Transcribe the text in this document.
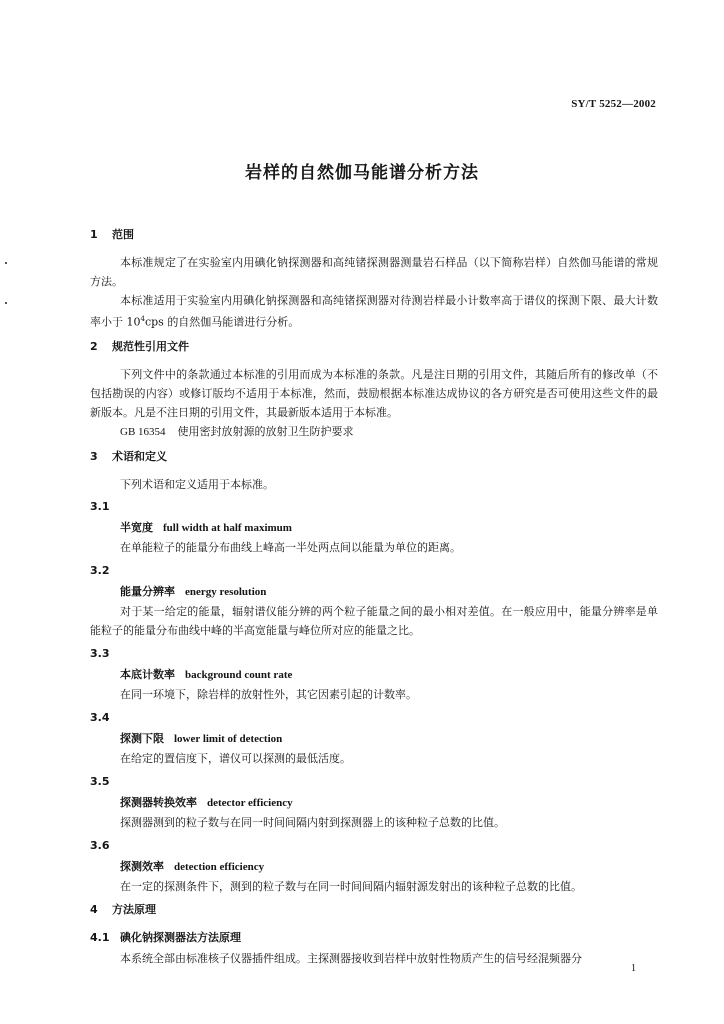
SY/T 5252—2002
岩样的自然伽马能谱分析方法

1 范围

本标准规定了在实验室内用碘化钠探测器和高纯锗探测器测量岩石样品（以下简称岩样）自然伽马能谱的常规方法。

本标准适用于实验室内用碘化钠探测器和高纯锗探测器对待测岩样最小计数率高于谱仪的探测下限、最大计数率小于 $10^4cps$ 的自然伽马能谱进行分析。

2 规范性引用文件

下列文件中的条款通过本标准的引用而成为本标准的条款。凡是注日期的引用文件，其随后所有的修改单（不包括勘误的内容）或修订版均不适用于本标准，然而，鼓励根据本标准达成协议的各方研究是否可使用这些文件的最新版本。凡是不注日期的引用文件，其最新版本适用于本标准。

GB 16354 使用密封放射源的放射卫生防护要求

3 术语和定义

下列术语和定义适用于本标准。

3.1

半宽度 full width at half maximum

在单能粒子的能量分布曲线上峰高一半处两点间以能量为单位的距离。

3.2

能量分辨率 energy resolution

对于某一给定的能量，辐射谱仪能分辨的两个粒子能量之间的最小相对差值。在一般应用中，能量分辨率是单能粒子的能量分布曲线中峰的半高宽能量与峰位所对应的能量之比。

3.3

本底计数率 background count rate

在同一环境下，除岩样的放射性外，其它因素引起的计数率。

3.4

探测下限 lower limit of detection

在给定的置信度下，谱仪可以探测的最低活度。

3.5

探测器转换效率 detector efficiency

探测器测到的粒子数与在同一时间间隔内射到探测器上的该种粒子总数的比值。

3.6

探测效率 detection efficiency

在一定的探测条件下，测到的粒子数与在同一时间间隔内辐射源发射出的该种粒子总数的比值。

4 方法原理

4.1 碘化钠探测器法方法原理

本系统全部由标准核子仪器插件组成。主探测器接收到岩样中放射性物质产生的信号经混频器分

1
